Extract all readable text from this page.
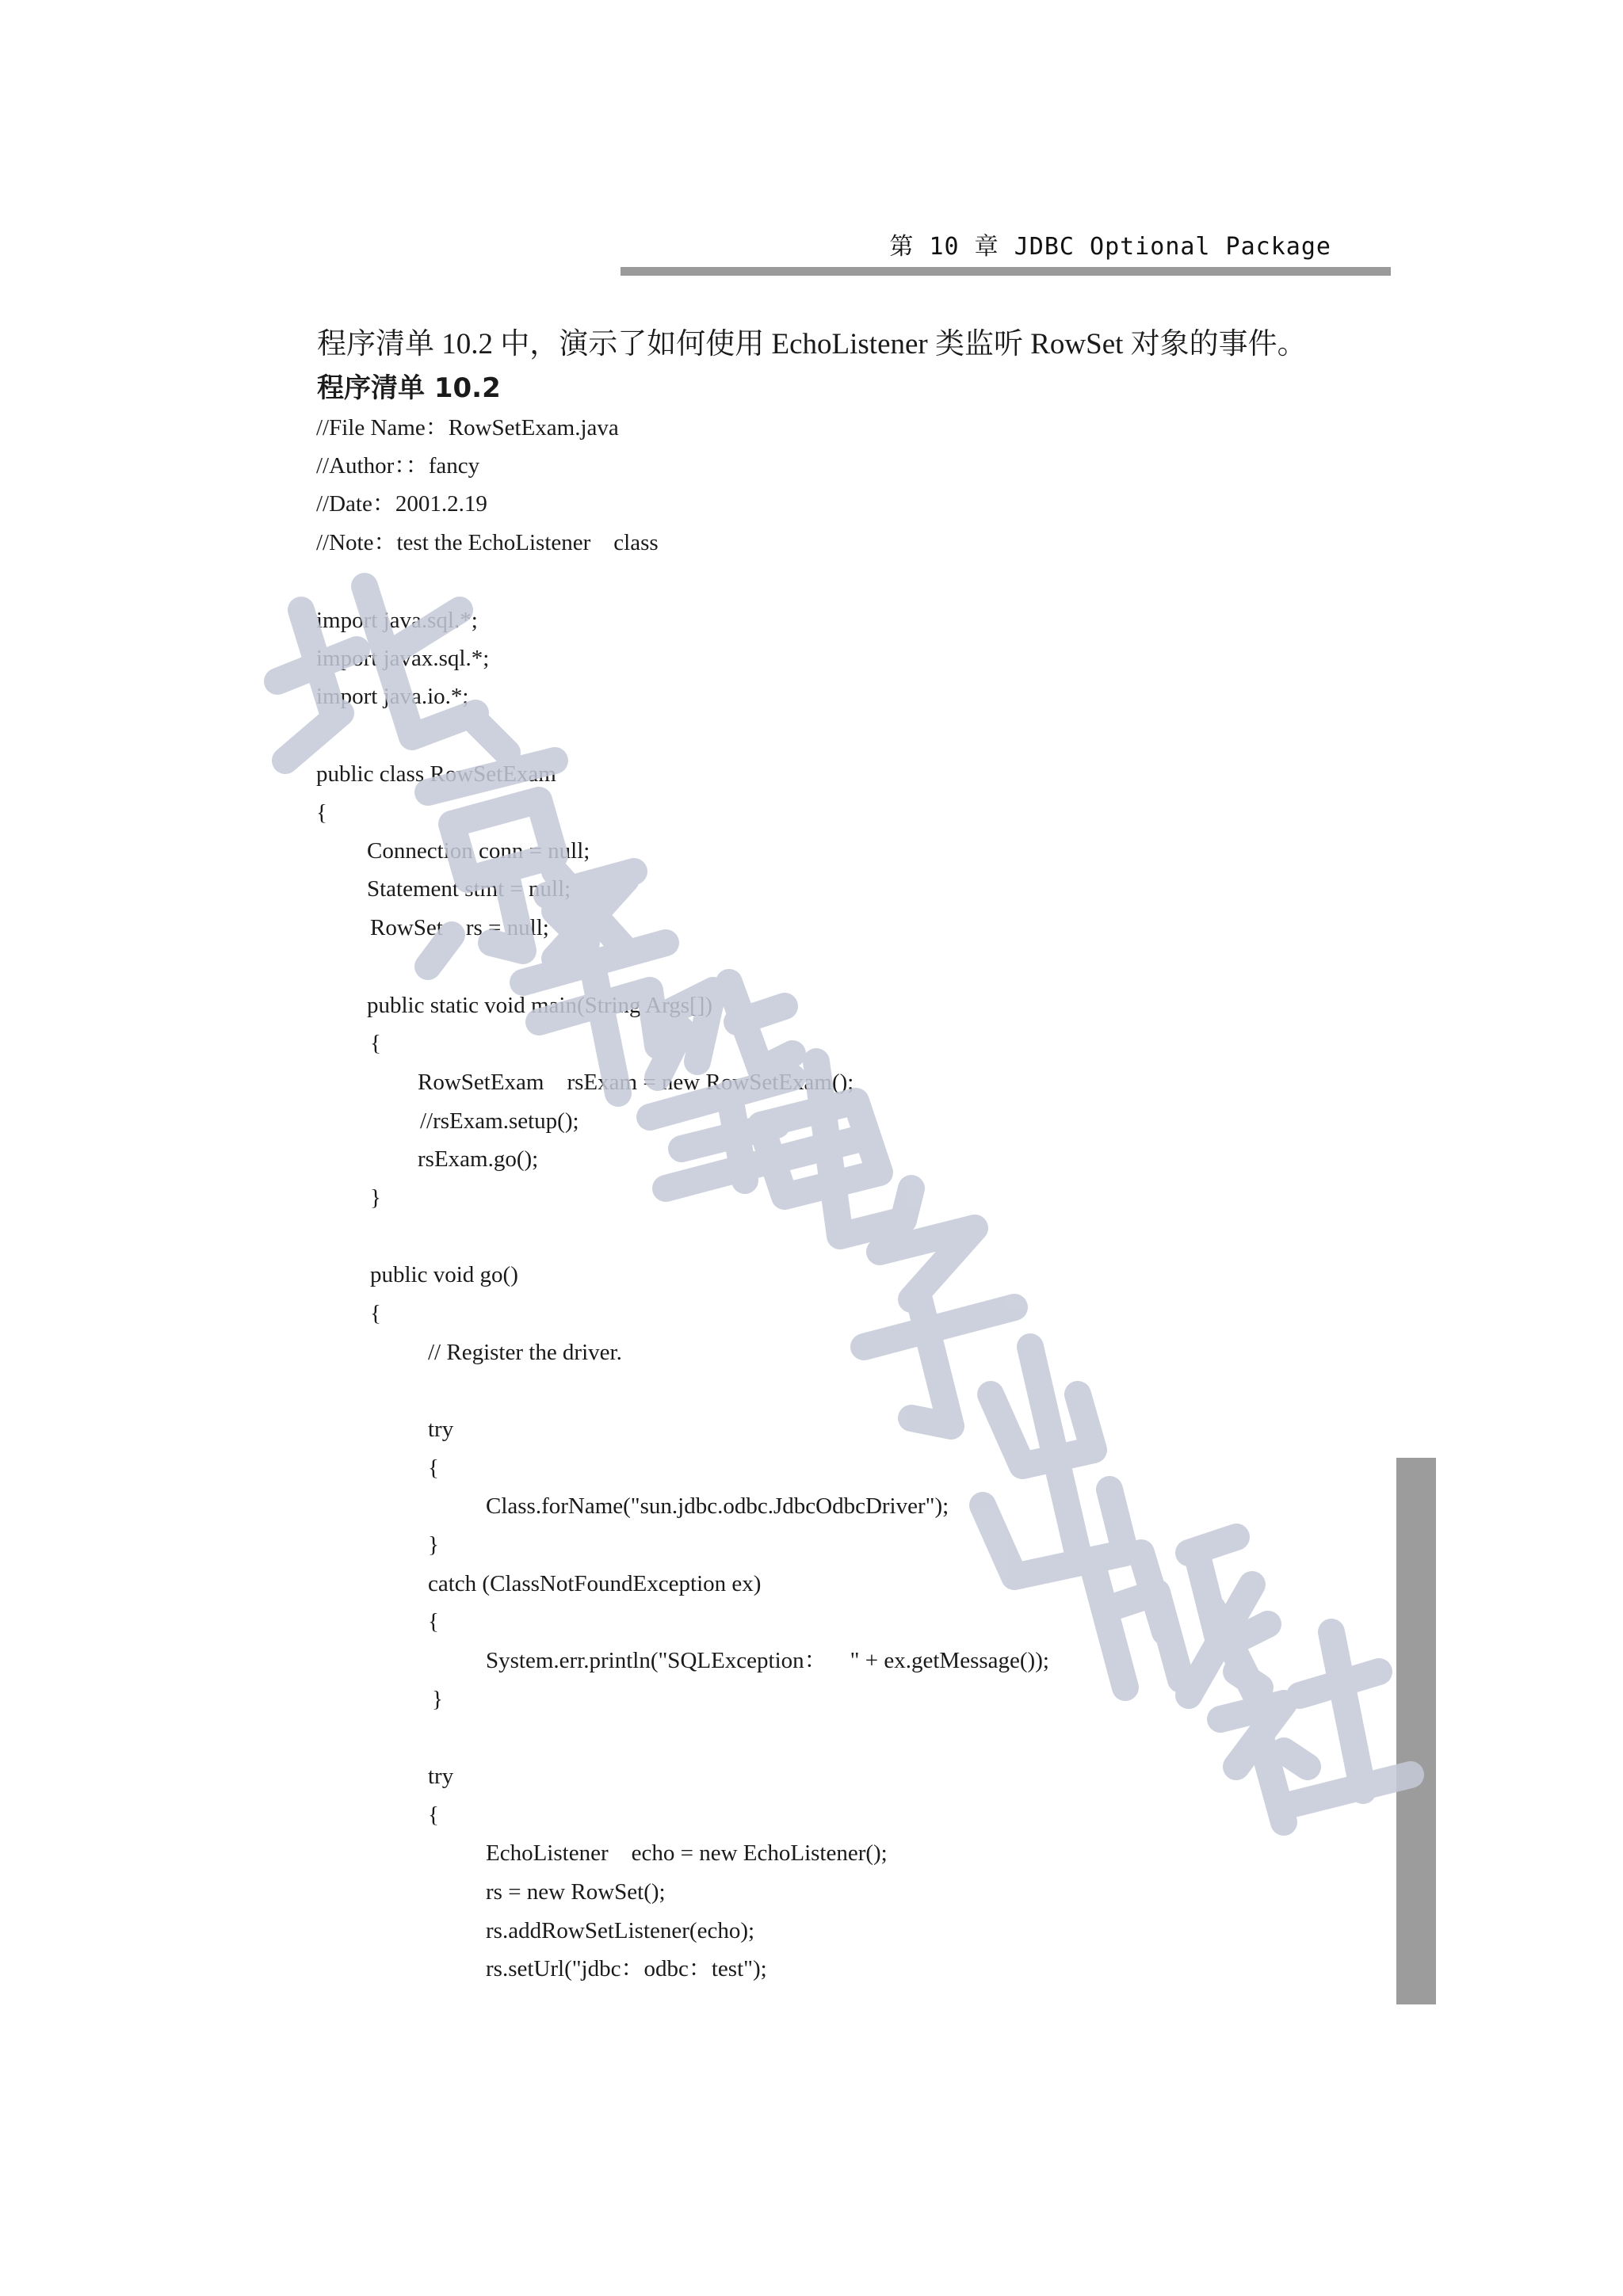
第 10 章 JDBC Optional Package
程序清单 10.2 中，演示了如何使用 EchoListener 类监听 RowSet 对象的事件。
程序清单 10.2
//File Name：RowSetExam.java
//Author：：fancy
//Date：2001.2.19
//Note：test the EchoListener    class
import java.sql.*;
import javax.sql.*;
import java.io.*;
public class RowSetExam
{
Connection conn = null;
Statement stmt = null;
RowSet    rs = null;
public static void main(String Args[])
{
RowSetExam    rsExam = new RowSetExam();
//rsExam.setup();
rsExam.go();
}
public void go()
{
// Register the driver.
try
{
Class.forName("sun.jdbc.odbc.JdbcOdbcDriver");
}
catch (ClassNotFoundException ex)
{
System.err.println("SQLException：    " + ex.getMessage());
}
try
{
EchoListener    echo = new EchoListener();
rs = new RowSet();
rs.addRowSetListener(echo);
rs.setUrl("jdbc：odbc：test");
